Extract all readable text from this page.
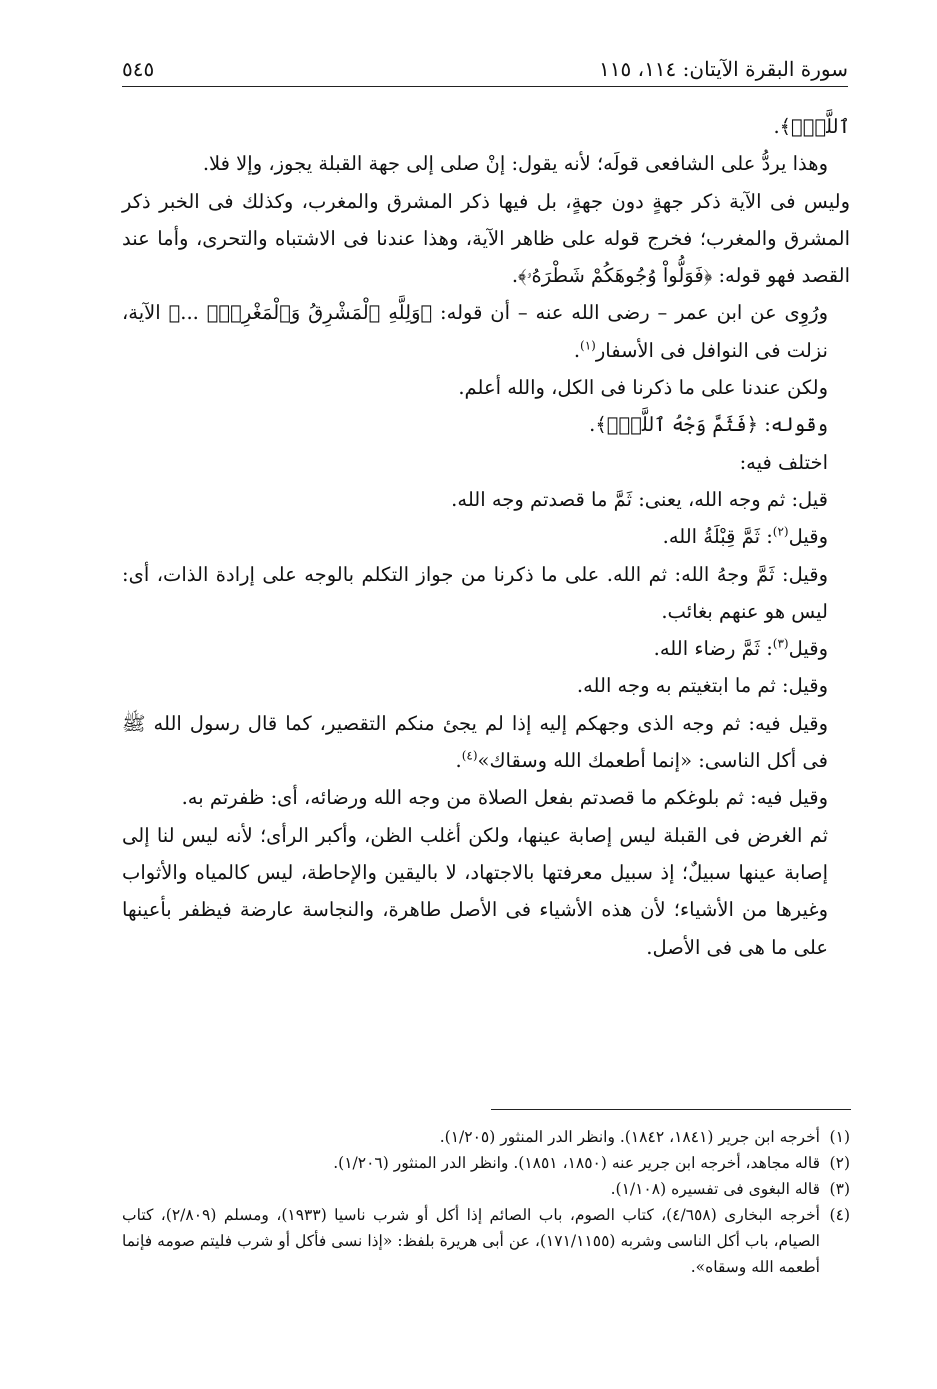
سورة البقرة الآيتان: ١١٤، ١١٥
٥٤٥

ٱللَّهِۚ﴾.

وهذا يردُّ على الشافعى قولَه؛ لأنه يقول: إنْ صلى إلى جهة القبلة يجوز، وإلا فلا.

وليس فى الآية ذكر جهةٍ دون جهةٍ، بل فيها ذكر المشرق والمغرب، وكذلك فى الخبر ذكر المشرق والمغرب؛ فخرج قوله على ظاهر الآية، وهذا عندنا فى الاشتباه والتحرى، وأما عند القصد فهو قوله: ﴿فَوَلُّواْ وُجُوهَكُمْ شَطْرَهُۥ﴾.

ورُوِى عن ابن عمر – رضى الله عنه – أن قوله: ﴿وَلِلَّهِ ٱلْمَشْرِقُ وَٱلْمَغْرِبُۚ ...﴾ الآية، نزلت فى النوافل فى الأسفار$^{(١)}$.

ولكن عندنا على ما ذكرنا فى الكل، والله أعلم.

وقوله: ﴿فَثَمَّ وَجْهُ ٱللَّهِۚ﴾.

اختلف فيه:

قيل: ثم وجه الله، يعنى: ثَمَّ ما قصدتم وجه الله.

وقيل$^{(٢)}$: ثَمَّ قِبْلَةُ الله.

وقيل: ثَمَّ وجهُ الله: ثم الله. على ما ذكرنا من جواز التكلم بالوجه على إرادة الذات، أى: ليس هو عنهم بغائب.

وقيل$^{(٣)}$: ثَمَّ رضاء الله.

وقيل: ثم ما ابتغيتم به وجه الله.

وقيل فيه: ثم وجه الذى وجهكم إليه إذا لم يجئ منكم التقصير، كما قال رسول الله ﷺ فى أكل الناسى: «إنما أطعمك الله وسقاك»$^{(٤)}$.

وقيل فيه: ثم بلوغكم ما قصدتم بفعل الصلاة من وجه الله ورضائه، أى: ظفرتم به.

ثم الغرض فى القبلة ليس إصابة عينها، ولكن أغلب الظن، وأكبر الرأى؛ لأنه ليس لنا إلى إصابة عينها سبيلٌ؛ إذ سبيل معرفتها بالاجتهاد، لا باليقين والإحاطة، ليس كالمياه والأثواب وغيرها من الأشياء؛ لأن هذه الأشياء فى الأصل طاهرة، والنجاسة عارضة فيظفر بأعينها على ما هى فى الأصل.

(١)
أخرجه ابن جرير (١٨٤١، ١٨٤٢). وانظر الدر المنثور (١/٢٠٥).
(٢)
قاله مجاهد، أخرجه ابن جرير عنه (١٨٥٠، ١٨٥١). وانظر الدر المنثور (١/٢٠٦).
(٣)
قاله البغوى فى تفسيره (١/١٠٨).
(٤)
أخرجه البخارى (٤/٦٥٨)، كتاب الصوم، باب الصائم إذا أكل أو شرب ناسيا (١٩٣٣)، ومسلم (٢/٨٠٩)، كتاب الصيام، باب أكل الناسى وشربه (١٧١/١١٥٥)، عن أبى هريرة بلفظ: «إذا نسى فأكل أو شرب فليتم صومه فإنما أطعمه الله وسقاه».
